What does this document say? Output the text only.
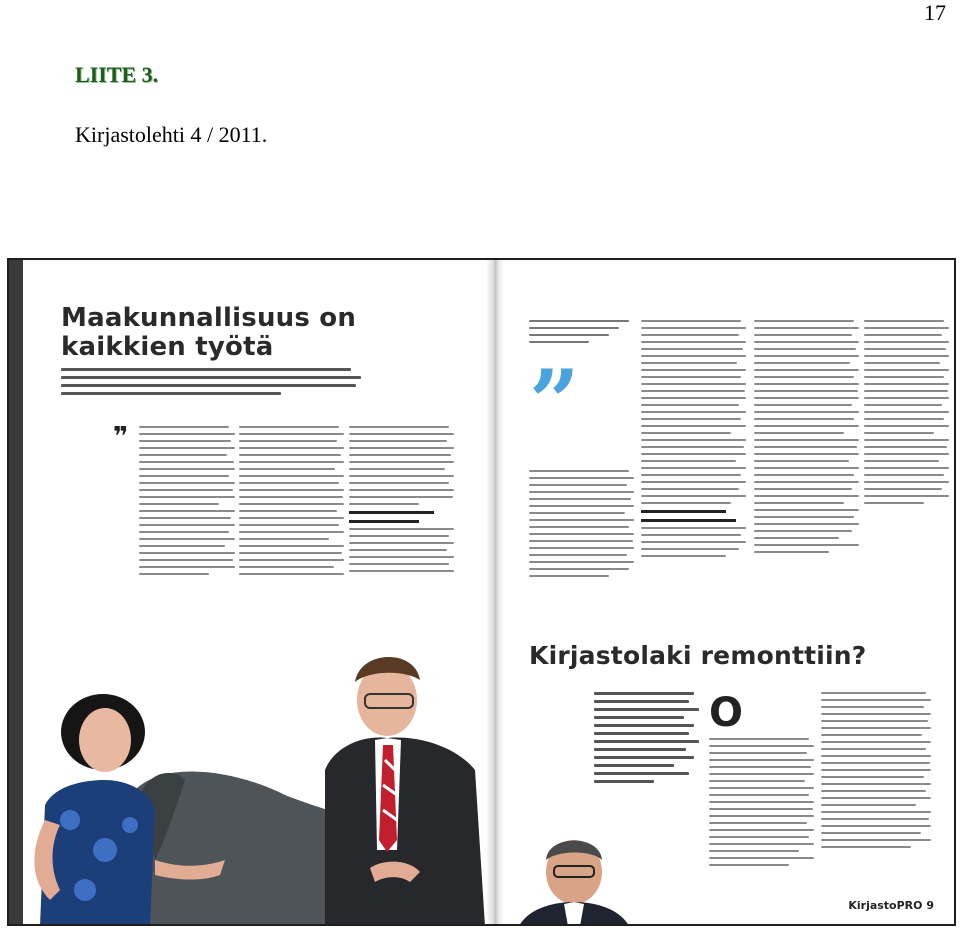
17
LIITE 3.
Kirjastolehti 4 / 2011.
Maakunnallisuus on kaikkien työtä
❞	”
Kirjastolaki remonttiin?
O
KirjastoPRO 9
